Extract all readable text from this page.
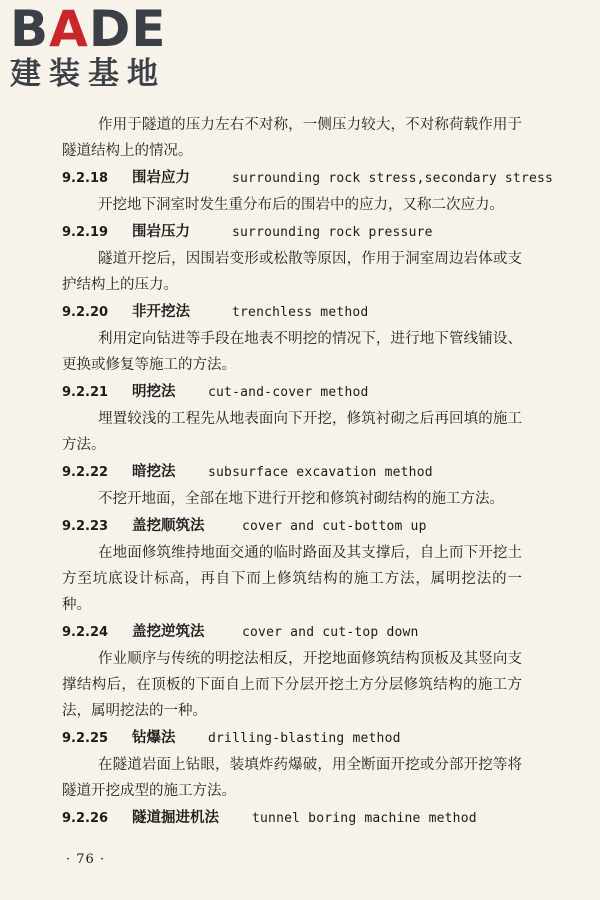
B A DE
建装基地

作用于隧道的压力左右不对称，一侧压力较大，不对称荷载作用于隧道结构上的情况。

9.2.18 围岩应力	surrounding rock stress,secondary stress

开挖地下洞室时发生重分布后的围岩中的应力，又称二次应力。

9.2.19 围岩压力	surrounding rock pressure

隧道开挖后，因围岩变形或松散等原因，作用于洞室周边岩体或支护结构上的压力。

9.2.20 非开挖法	trenchless method

利用定向钻进等手段在地表不明挖的情况下，进行地下管线铺设、更换或修复等施工的方法。

9.2.21 明挖法	cut-and-cover method

埋置较浅的工程先从地表面向下开挖，修筑衬砌之后再回填的施工方法。

9.2.22 暗挖法	subsurface excavation method

不挖开地面，全部在地下进行开挖和修筑衬砌结构的施工方法。

9.2.23 盖挖顺筑法	cover and cut-bottom up

在地面修筑维持地面交通的临时路面及其支撑后，自上而下开挖土方至坑底设计标高，再自下而上修筑结构的施工方法，属明挖法的一种。

9.2.24 盖挖逆筑法	cover and cut-top down

作业顺序与传统的明挖法相反，开挖地面修筑结构顶板及其竖向支撑结构后，在顶板的下面自上而下分层开挖土方分层修筑结构的施工方法，属明挖法的一种。

9.2.25 钻爆法	drilling-blasting method

在隧道岩面上钻眼，装填炸药爆破，用全断面开挖或分部开挖等将隧道开挖成型的施工方法。

9.2.26 隧道掘进机法	tunnel boring machine method
· 76 ·
